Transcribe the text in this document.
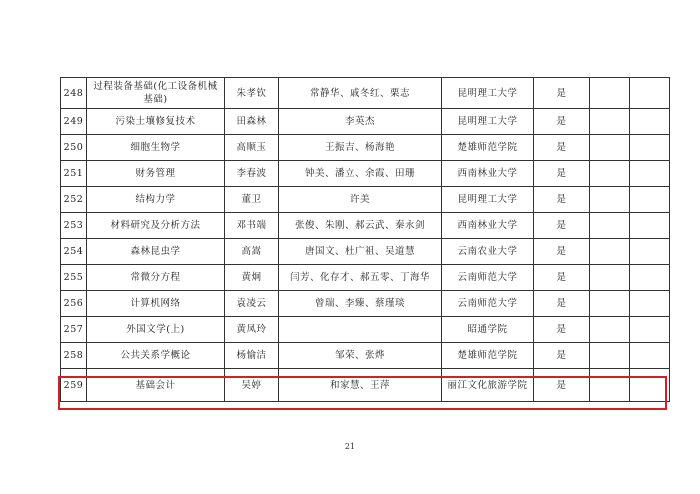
248	过程装备基础(化工设备机械基础)	朱孝钦	常静华、戚冬红、栗志	昆明理工大学	是		
249	污染土壤修复技术	田森林	李英杰	昆明理工大学	是		
250	细胞生物学	高顺玉	王振吉、杨海艳	楚雄师范学院	是		
251	财务管理	李春波	钟美、潘立、余霞、田珊	西南林业大学	是		
252	结构力学	董卫	许美	昆明理工大学	是		
253	材料研究及分析方法	邓书端	张俊、朱刚、郝云武、秦永剑	西南林业大学	是		
254	森林昆虫学	高嵩	唐国文、杜广祖、吴道慧	云南农业大学	是		
255	常微分方程	黄炯	闫芳、化存才、郝五零、丁海华	云南师范大学	是		
256	计算机网络	袁凌云	曾瑞、李臻、蔡瑾琰	云南师范大学	是		
257	外国文学(上)	黄凤玲		昭通学院	是		
258	公共关系学概论	杨愉洁	邹荣、张烨	楚雄师范学院	是		
259	基础会计	吴婷	和家慧、王萍	丽江文化旅游学院	是		
21
